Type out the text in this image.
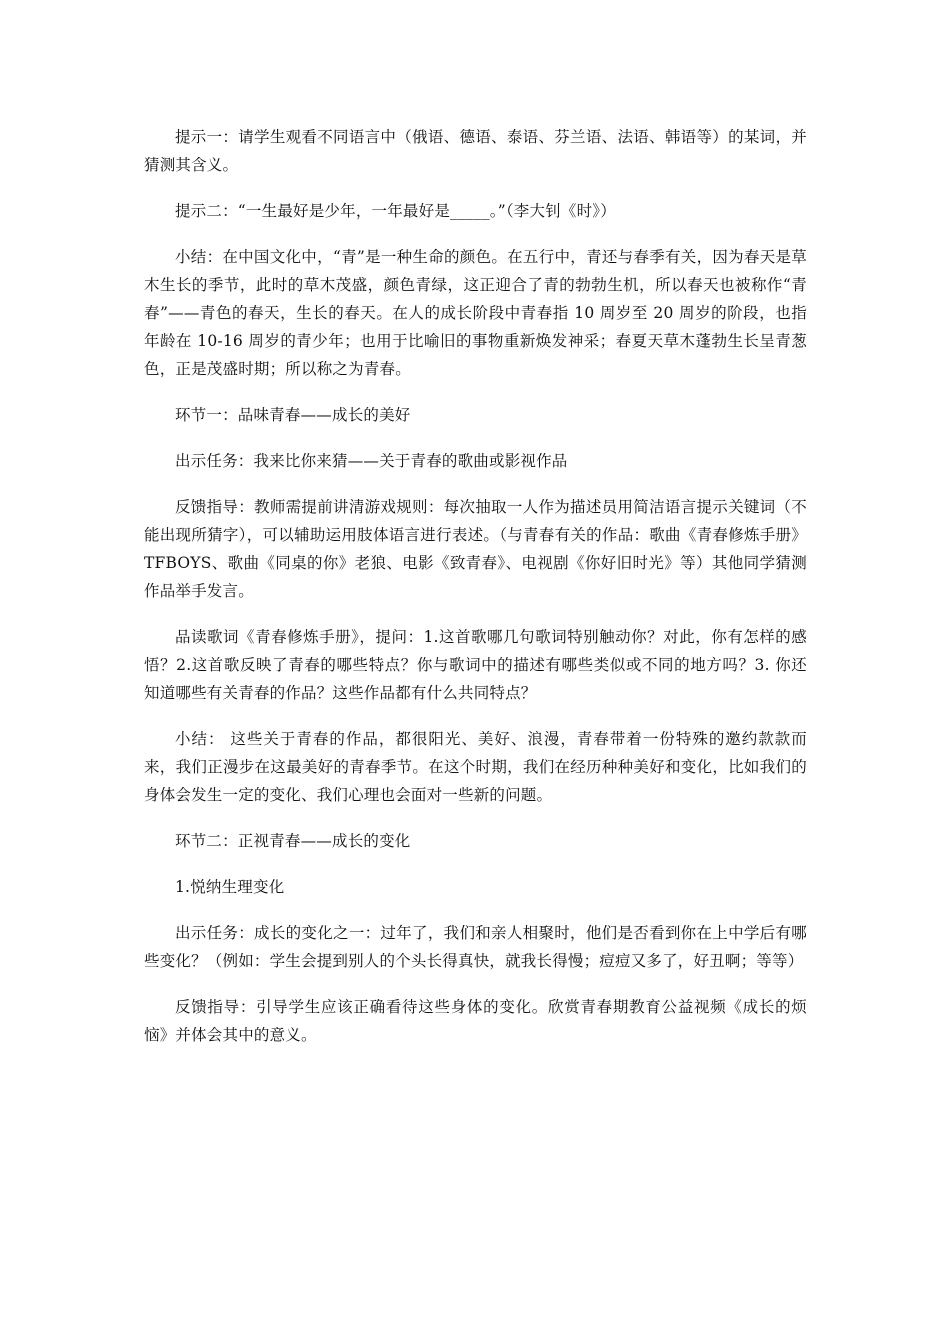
提示一：请学生观看不同语言中（俄语、德语、泰语、芬兰语、法语、韩语等）的某词，并猜测其含义。

提示二：“一生最好是少年，一年最好是_____。”（李大钊《时》）

小结：在中国文化中，“青”是一种生命的颜色。在五行中，青还与春季有关，因为春天是草木生长的季节，此时的草木茂盛，颜色青绿，这正迎合了青的勃勃生机，所以春天也被称作“青春”——青色的春天，生长的春天。在人的成长阶段中青春指 10 周岁至 20 周岁的阶段，也指年龄在 10-16 周岁的青少年；也用于比喻旧的事物重新焕发神采；春夏天草木蓬勃生长呈青葱色，正是茂盛时期；所以称之为青春。

环节一：品味青春——成长的美好

出示任务：我来比你来猜——关于青春的歌曲或影视作品

反馈指导：教师需提前讲清游戏规则：每次抽取一人作为描述员用简洁语言提示关键词（不能出现所猜字），可以辅助运用肢体语言进行表述。（与青春有关的作品：歌曲《青春修炼手册》TFBOYS、歌曲《同桌的你》老狼、电影《致青春》、电视剧《你好旧时光》等）其他同学猜测作品举手发言。

品读歌词《青春修炼手册》，提问：1.这首歌哪几句歌词特别触动你？对此，你有怎样的感悟？2.这首歌反映了青春的哪些特点？你与歌词中的描述有哪些类似或不同的地方吗？3. 你还知道哪些有关青春的作品？这些作品都有什么共同特点？

小结： 这些关于青春的作品，都很阳光、美好、浪漫，青春带着一份特殊的邀约款款而来，我们正漫步在这最美好的青春季节。在这个时期，我们在经历种种美好和变化，比如我们的身体会发生一定的变化、我们心理也会面对一些新的问题。

环节二：正视青春——成长的变化

1.悦纳生理变化

出示任务：成长的变化之一：过年了，我们和亲人相聚时，他们是否看到你在上中学后有哪些变化？（例如：学生会提到别人的个头长得真快，就我长得慢；痘痘又多了，好丑啊；等等）

反馈指导：引导学生应该正确看待这些身体的变化。欣赏青春期教育公益视频《成长的烦恼》并体会其中的意义。
